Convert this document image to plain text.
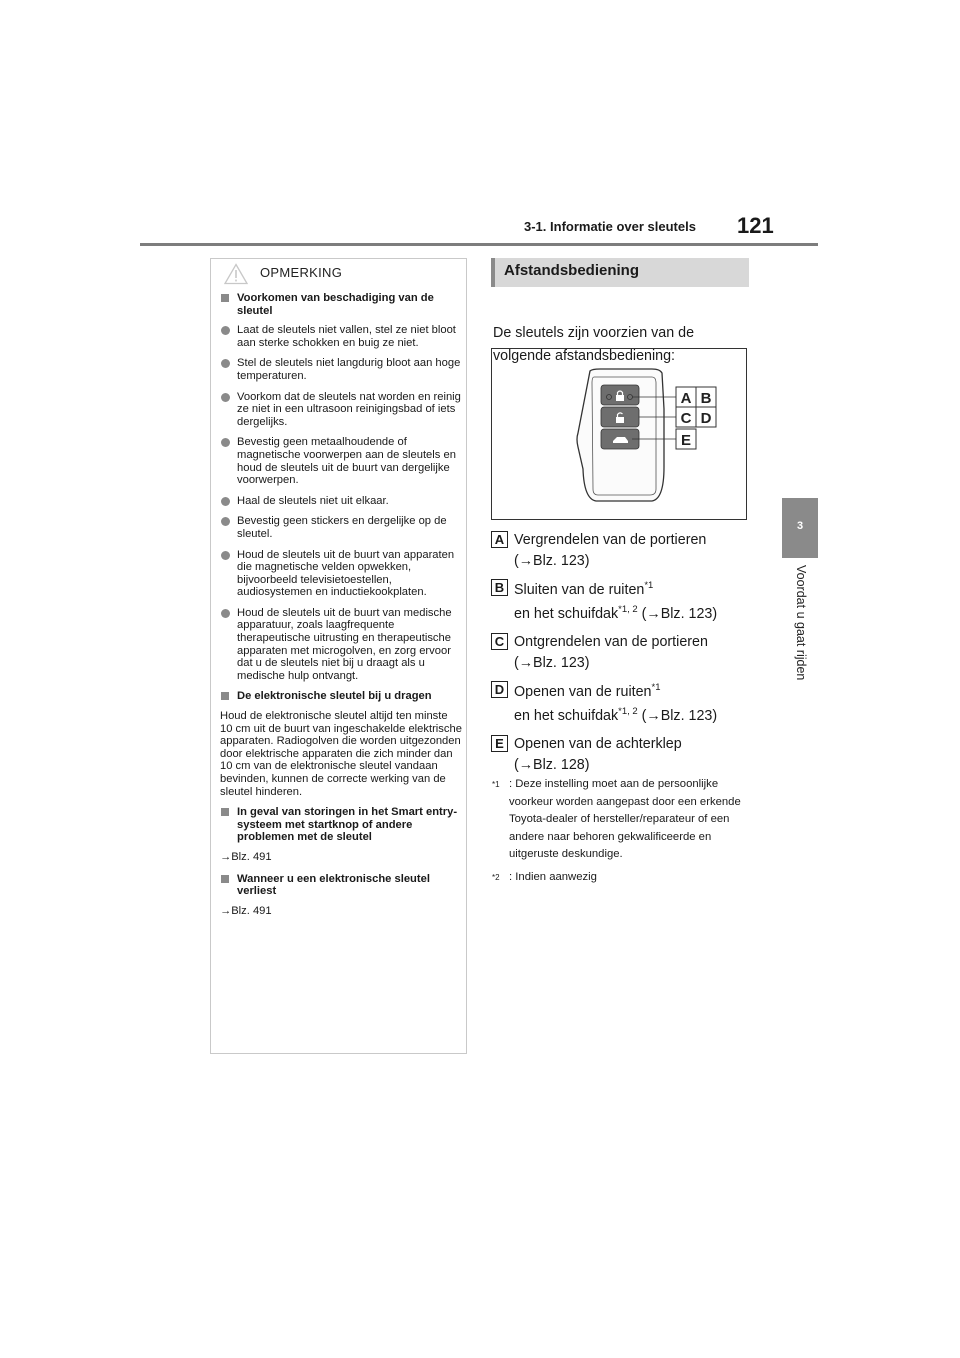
3-1. Informatie over sleutels 121
3
Voordat u gaat rijden
OPMERKING
Voorkomen van beschadiging van de sleutel
Laat de sleutels niet vallen, stel ze niet bloot aan sterke schokken en buig ze niet.
Stel de sleutels niet langdurig bloot aan hoge temperaturen.
Voorkom dat de sleutels nat worden en reinig ze niet in een ultrasoon reinigingsbad of iets dergelijks.
Bevestig geen metaalhoudende of magnetische voorwerpen aan de sleutels en houd de sleutels uit de buurt van dergelijke voorwerpen.
Haal de sleutels niet uit elkaar.
Bevestig geen stickers en dergelijke op de sleutel.
Houd de sleutels uit de buurt van apparaten die magnetische velden opwekken, bijvoorbeeld televisietoestellen, audiosystemen en inductiekookplaten.
Houd de sleutels uit de buurt van medische apparatuur, zoals laagfrequente therapeutische uitrusting en therapeutische apparaten met microgolven, en zorg ervoor dat u de sleutels niet bij u draagt als u medische hulp ontvangt.
De elektronische sleutel bij u dragen
Houd de elektronische sleutel altijd ten minste 10 cm uit de buurt van ingeschakelde elektrische apparaten. Radiogolven die worden uitgezonden door elektrische apparaten die zich minder dan 10 cm van de elektronische sleutel vandaan bevinden, kunnen de correcte werking van de sleutel hinderen.
In geval van storingen in het Smart entry-systeem met startknop of andere problemen met de sleutel
→Blz. 491
Wanneer u een elektronische sleutel verliest
→Blz. 491
Afstandsbediening
De sleutels zijn voorzien van de volgende afstandsbediening:
A B
C D
E
A Vergrendelen van de portieren
(→Blz. 123)
B Sluiten van de ruiten$^{*1}$
en het schuifdak$^{*1, 2}$ (→Blz. 123)
C Ontgrendelen van de portieren
(→Blz. 123)
D Openen van de ruiten$^{*1}$
en het schuifdak$^{*1, 2}$ (→Blz. 123)
E Openen van de achterklep
(→Blz. 128)
$^{*1}$ : Deze instelling moet aan de persoonlijke voorkeur worden aangepast door een erkende Toyota-dealer of hersteller/reparateur of een andere naar behoren gekwalificeerde en uitgeruste deskundige.
$^{*2}$ : Indien aanwezig
